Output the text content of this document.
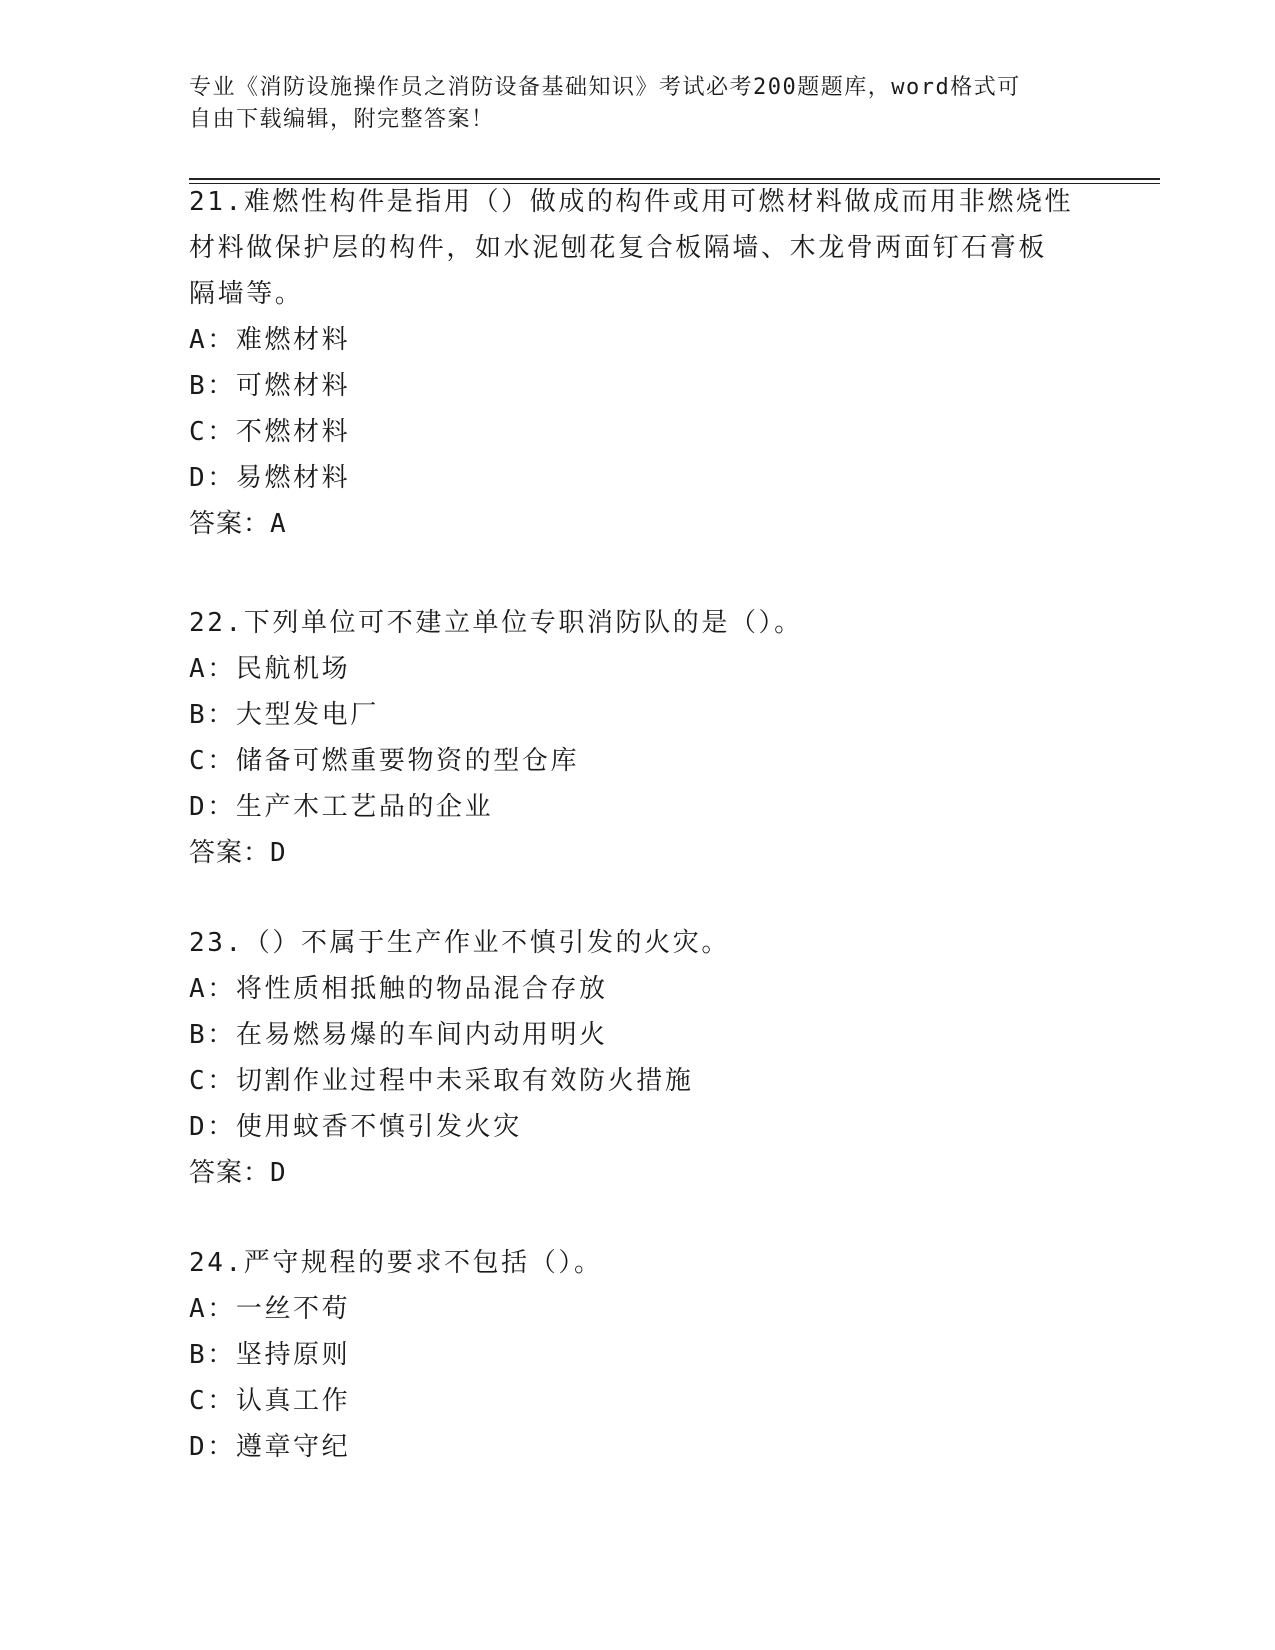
专业《消防设施操作员之消防设备基础知识》考试必考200题题库，word格式可
自由下载编辑，附完整答案！
21.难燃性构件是指用（）做成的构件或用可燃材料做成而用非燃烧性
材料做保护层的构件，如水泥刨花复合板隔墙、木龙骨两面钉石膏板
隔墙等。
A：难燃材料
B：可燃材料
C：不燃材料
D：易燃材料
答案：A
22.下列单位可不建立单位专职消防队的是（）。
A：民航机场
B：大型发电厂
C：储备可燃重要物资的型仓库
D：生产木工艺品的企业
答案：D
23.（）不属于生产作业不慎引发的火灾。
A：将性质相抵触的物品混合存放
B：在易燃易爆的车间内动用明火
C：切割作业过程中未采取有效防火措施
D：使用蚊香不慎引发火灾
答案：D
24.严守规程的要求不包括（）。
A：一丝不苟
B：坚持原则
C：认真工作
D：遵章守纪
